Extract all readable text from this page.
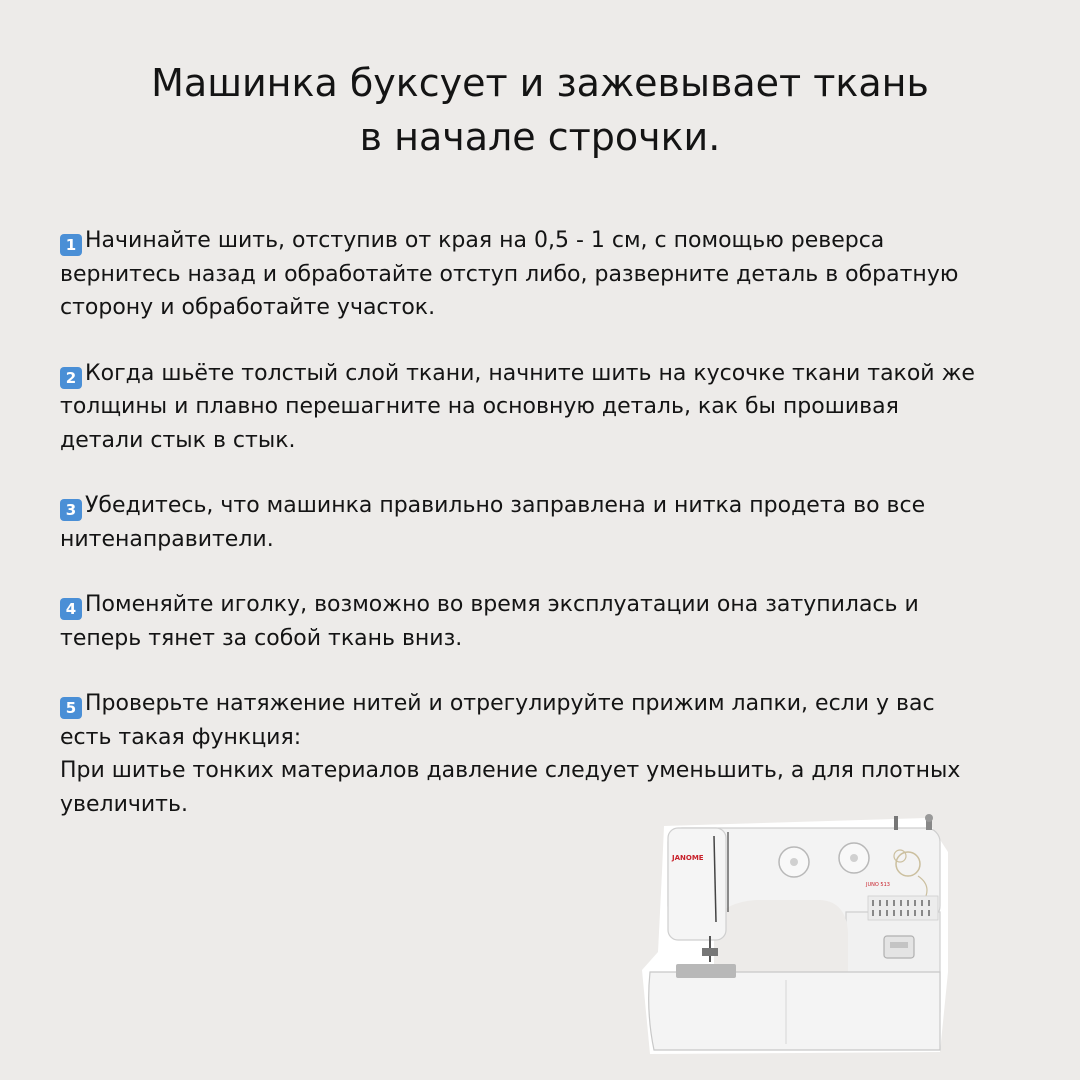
Машинка буксует и зажевывает ткань
в начале строчки.

1 Начинайте шить, отступив от края на 0,5 - 1 см, с помощью реверса
вернитесь назад и обработайте отступ либо, разверните деталь в обратную
сторону и обработайте участок.

2 Когда шьёте толстый слой ткани, начните шить на кусочке ткани такой же
толщины и плавно перешагните на основную деталь, как бы прошивая
детали стык в стык.

3 Убедитесь, что машинка правильно заправлена и нитка продета во все
нитенаправители.

4 Поменяйте иголку, возможно во время эксплуатации она затупилась и
теперь тянет за собой ткань вниз.

5 Проверьте натяжение нитей и отрегулируйте прижим лапки, если у вас
есть такая функция:
При шитье тонких материалов давление следует уменьшить, а для плотных
увеличить.

JANOME
JUNO 513
